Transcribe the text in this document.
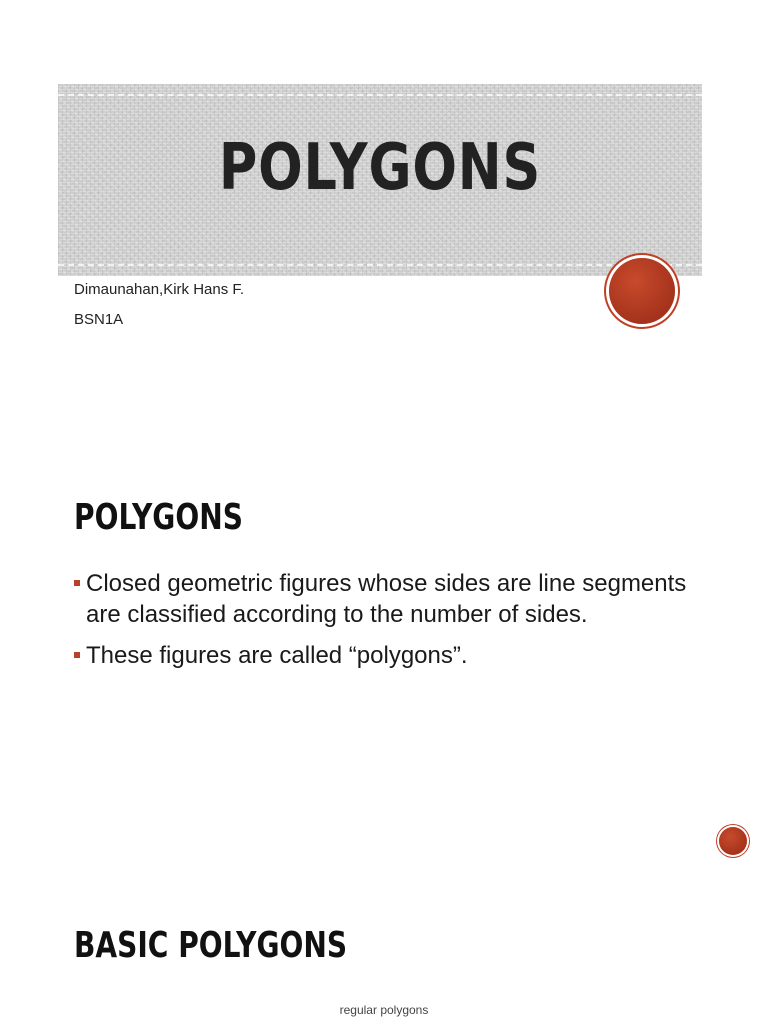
POLYGONS
Dimaunahan,Kirk Hans F.
BSN1A
POLYGONS
Closed geometric figures whose sides are line segments are classified according to the number of sides.
These figures are called “polygons”.
BASIC POLYGONS
regular polygons
